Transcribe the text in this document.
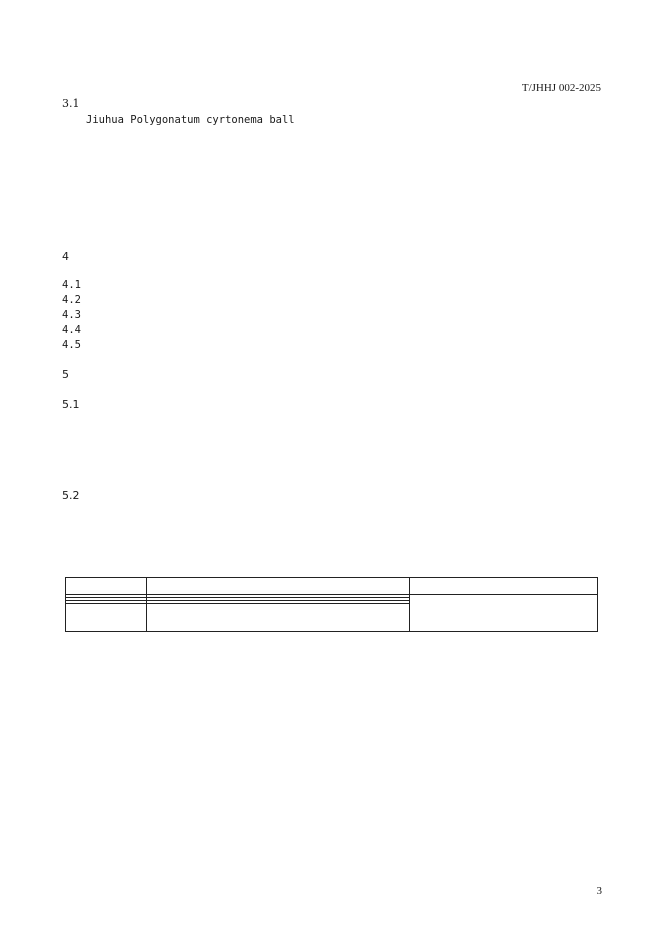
T/JHHJ 002-2025
3.1
Jiuhua Polygonatum cyrtonema ball
4
4.1
4.2
4.3
4.4
4.5
5
5.1
5.2

3
